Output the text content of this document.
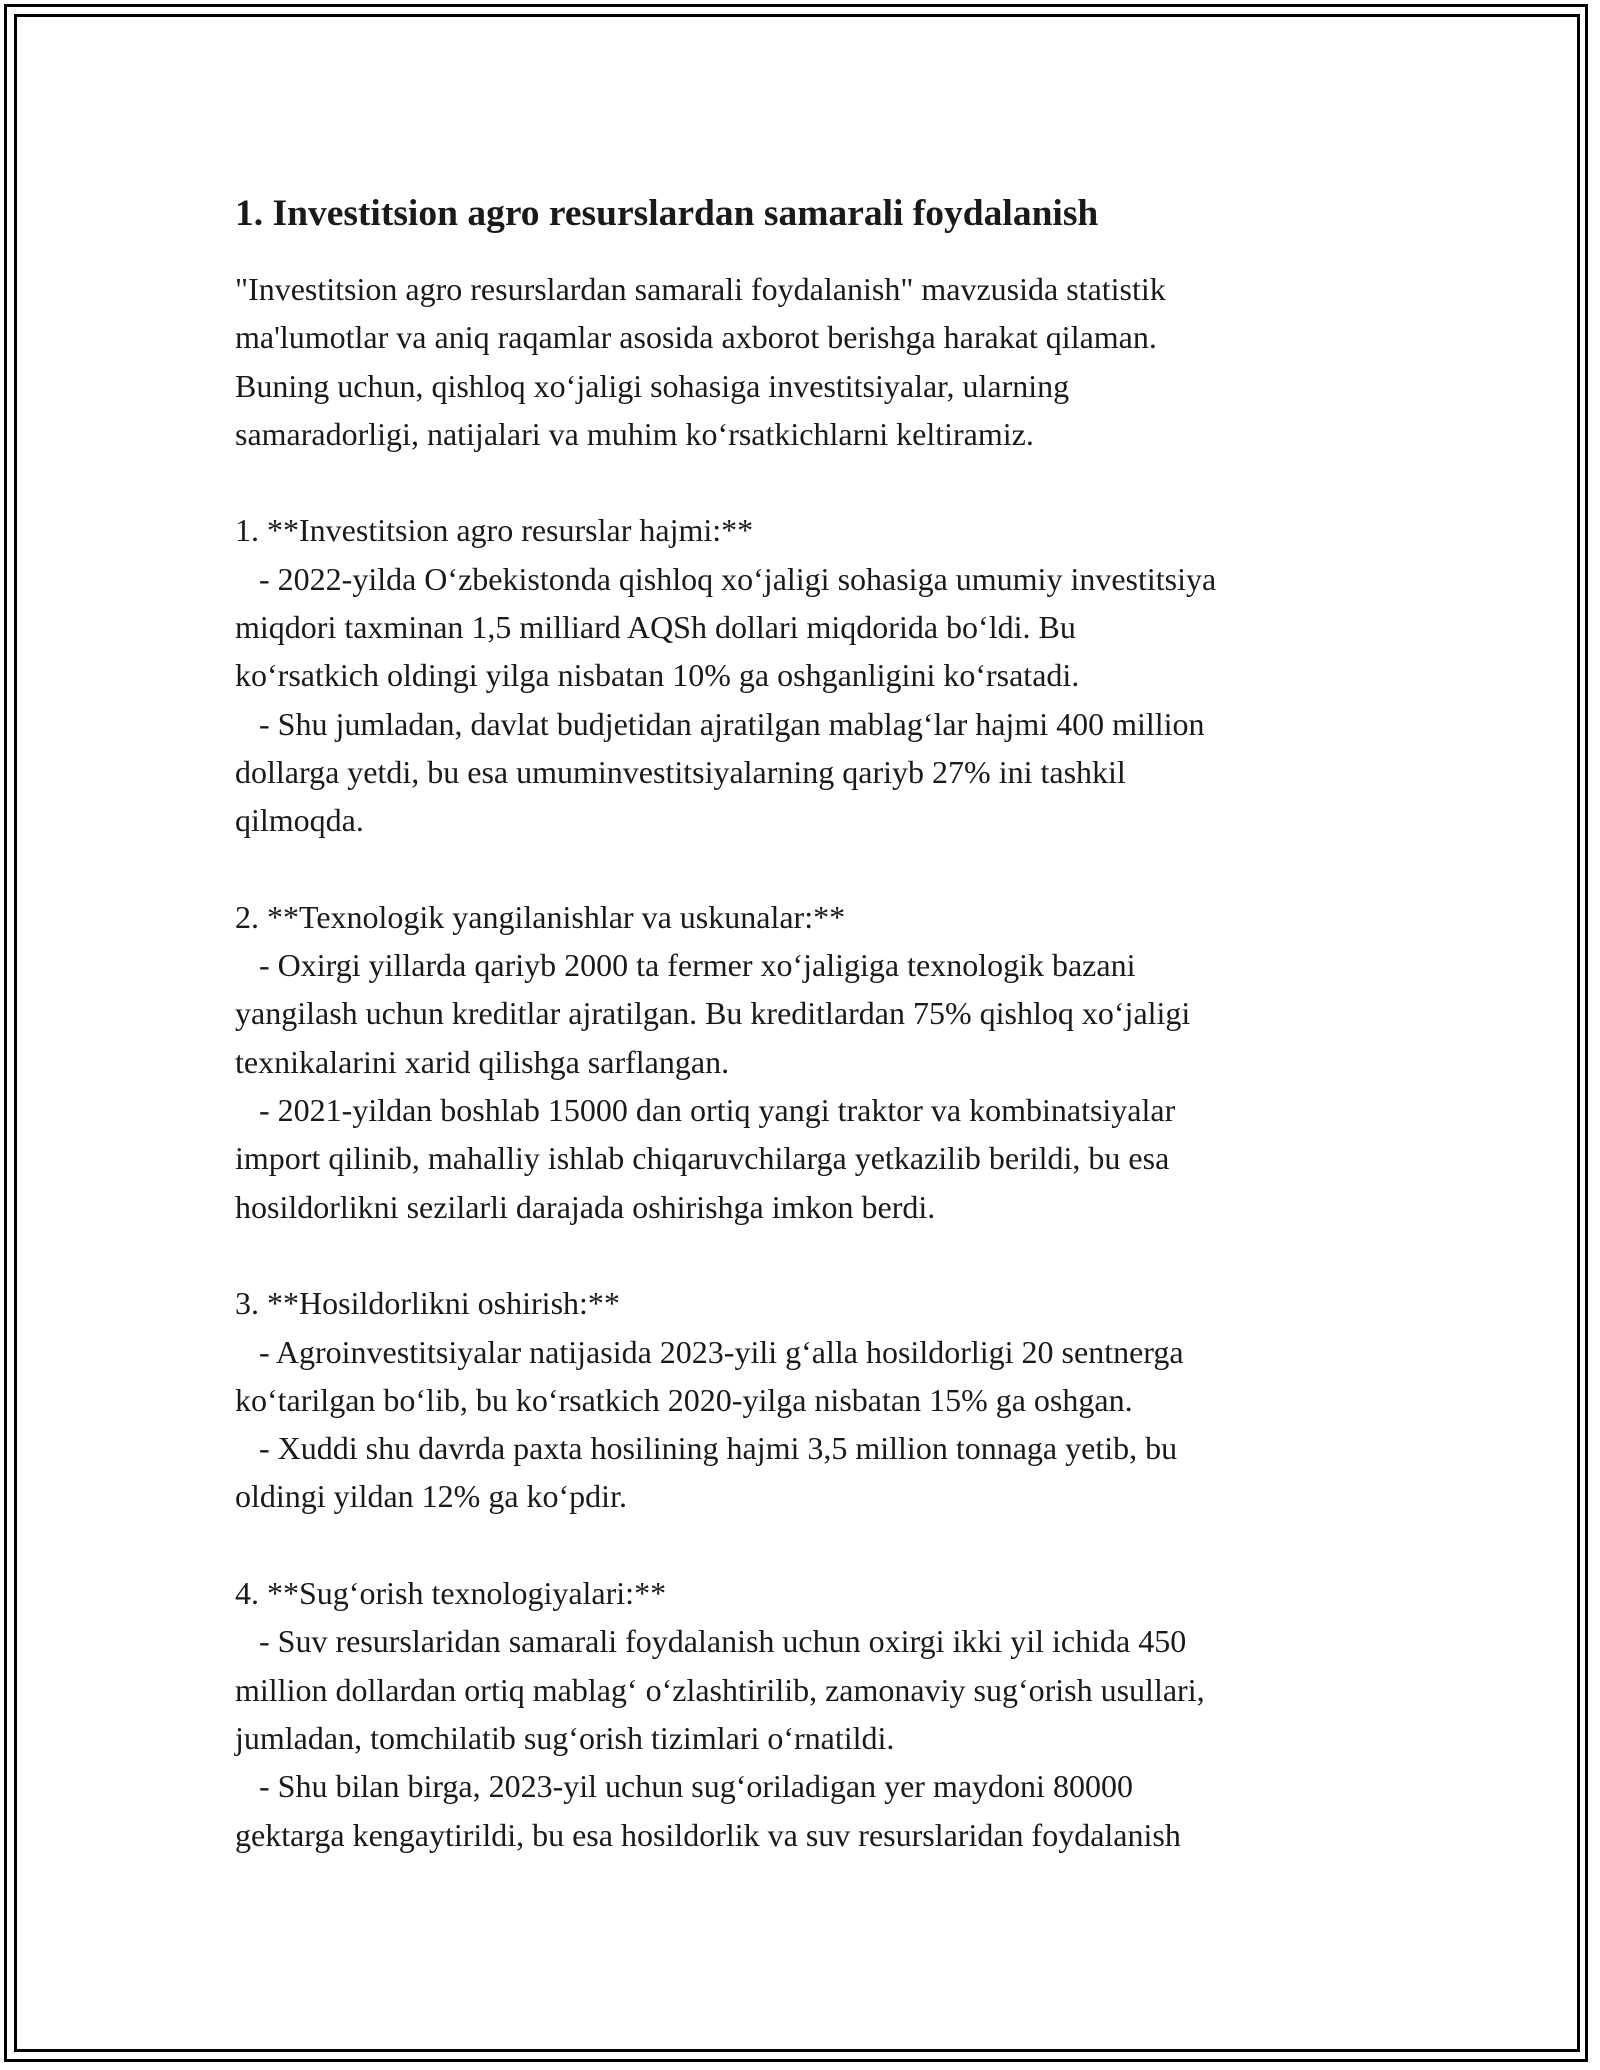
1. Investitsion agro resurslardan samarali foydalanish
"Investitsion agro resurslardan samarali foydalanish" mavzusida statistik
ma'lumotlar va aniq raqamlar asosida axborot berishga harakat qilaman.
Buning uchun, qishloq xo‘jaligi sohasiga investitsiyalar, ularning
samaradorligi, natijalari va muhim ko‘rsatkichlarni keltiramiz.

1. **Investitsion agro resurslar hajmi:**
- 2022-yilda O‘zbekistonda qishloq xo‘jaligi sohasiga umumiy investitsiya
miqdori taxminan 1,5 milliard AQSh dollari miqdorida bo‘ldi. Bu
ko‘rsatkich oldingi yilga nisbatan 10% ga oshganligini ko‘rsatadi.
- Shu jumladan, davlat budjetidan ajratilgan mablag‘lar hajmi 400 million
dollarga yetdi, bu esa umuminvestitsiyalarning qariyb 27% ini tashkil
qilmoqda.

2. **Texnologik yangilanishlar va uskunalar:**
- Oxirgi yillarda qariyb 2000 ta fermer xo‘jaligiga texnologik bazani
yangilash uchun kreditlar ajratilgan. Bu kreditlardan 75% qishloq xo‘jaligi
texnikalarini xarid qilishga sarflangan.
- 2021-yildan boshlab 15000 dan ortiq yangi traktor va kombinatsiyalar
import qilinib, mahalliy ishlab chiqaruvchilarga yetkazilib berildi, bu esa
hosildorlikni sezilarli darajada oshirishga imkon berdi.

3. **Hosildorlikni oshirish:**
- Agroinvestitsiyalar natijasida 2023-yili g‘alla hosildorligi 20 sentnerga
ko‘tarilgan bo‘lib, bu ko‘rsatkich 2020-yilga nisbatan 15% ga oshgan.
- Xuddi shu davrda paxta hosilining hajmi 3,5 million tonnaga yetib, bu
oldingi yildan 12% ga ko‘pdir.

4. **Sug‘orish texnologiyalari:**
- Suv resurslaridan samarali foydalanish uchun oxirgi ikki yil ichida 450
million dollardan ortiq mablag‘ o‘zlashtirilib, zamonaviy sug‘orish usullari,
jumladan, tomchilatib sug‘orish tizimlari o‘rnatildi.
- Shu bilan birga, 2023-yil uchun sug‘oriladigan yer maydoni 80000
gektarga kengaytirildi, bu esa hosildorlik va suv resurslaridan foydalanish
